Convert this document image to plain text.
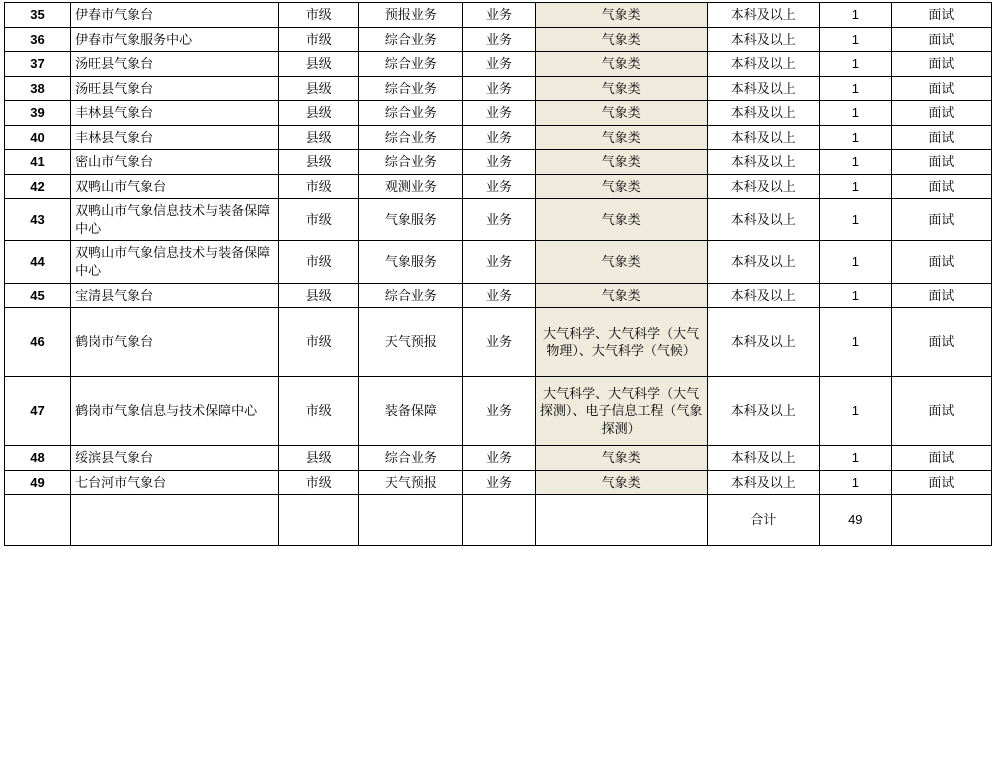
35	伊春市气象台	市级	预报业务	业务	气象类	本科及以上	1	面试
36	伊春市气象服务中心	市级	综合业务	业务	气象类	本科及以上	1	面试
37	汤旺县气象台	县级	综合业务	业务	气象类	本科及以上	1	面试
38	汤旺县气象台	县级	综合业务	业务	气象类	本科及以上	1	面试
39	丰林县气象台	县级	综合业务	业务	气象类	本科及以上	1	面试
40	丰林县气象台	县级	综合业务	业务	气象类	本科及以上	1	面试
41	密山市气象台	县级	综合业务	业务	气象类	本科及以上	1	面试
42	双鸭山市气象台	市级	观测业务	业务	气象类	本科及以上	1	面试
43	双鸭山市气象信息技术与装备保障中心	市级	气象服务	业务	气象类	本科及以上	1	面试
44	双鸭山市气象信息技术与装备保障中心	市级	气象服务	业务	气象类	本科及以上	1	面试
45	宝清县气象台	县级	综合业务	业务	气象类	本科及以上	1	面试
46	鹤岗市气象台	市级	天气预报	业务	大气科学、大气科学（大气物理）、大气科学（气候）	本科及以上	1	面试
47	鹤岗市气象信息与技术保障中心	市级	装备保障	业务	大气科学、大气科学（大气探测）、电子信息工程（气象探测）	本科及以上	1	面试
48	绥滨县气象台	县级	综合业务	业务	气象类	本科及以上	1	面试
49	七台河市气象台	市级	天气预报	业务	气象类	本科及以上	1	面试
						合计	49	
